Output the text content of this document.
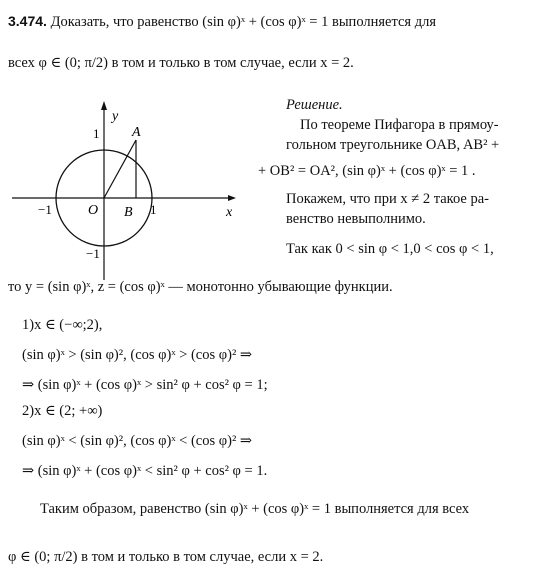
3.474. Доказать, что равенство (sin φ)ˣ + (cos φ)ˣ = 1 выполняется для
всех φ ∈ (0; π/2) в том и только в том случае, если x = 2.
y
1 A
O B
−1	1	x
−1
Решение.
По теореме Пифагора в прямоу-
гольном треугольнике OAB, AB² +
+ OB² = OA², (sin φ)ˣ + (cos φ)ˣ = 1 .
Покажем, что при x ≠ 2 такое ра-
венство невыполнимо.
Так как 0 < sin φ < 1,0 < cos φ < 1,
то y = (sin φ)ˣ, z = (cos φ)ˣ — монотонно убывающие функции.
1)x ∈ (−∞;2),
(sin φ)ˣ > (sin φ)², (cos φ)ˣ > (cos φ)² ⇒
⇒ (sin φ)ˣ + (cos φ)ˣ > sin² φ + cos² φ = 1;
2)x ∈ (2; +∞)
(sin φ)ˣ < (sin φ)², (cos φ)ˣ < (cos φ)² ⇒
⇒ (sin φ)ˣ + (cos φ)ˣ < sin² φ + cos² φ = 1.
Таким образом, равенство (sin φ)ˣ + (cos φ)ˣ = 1 выполняется для всех
φ ∈ (0; π/2) в том и только в том случае, если x = 2.
